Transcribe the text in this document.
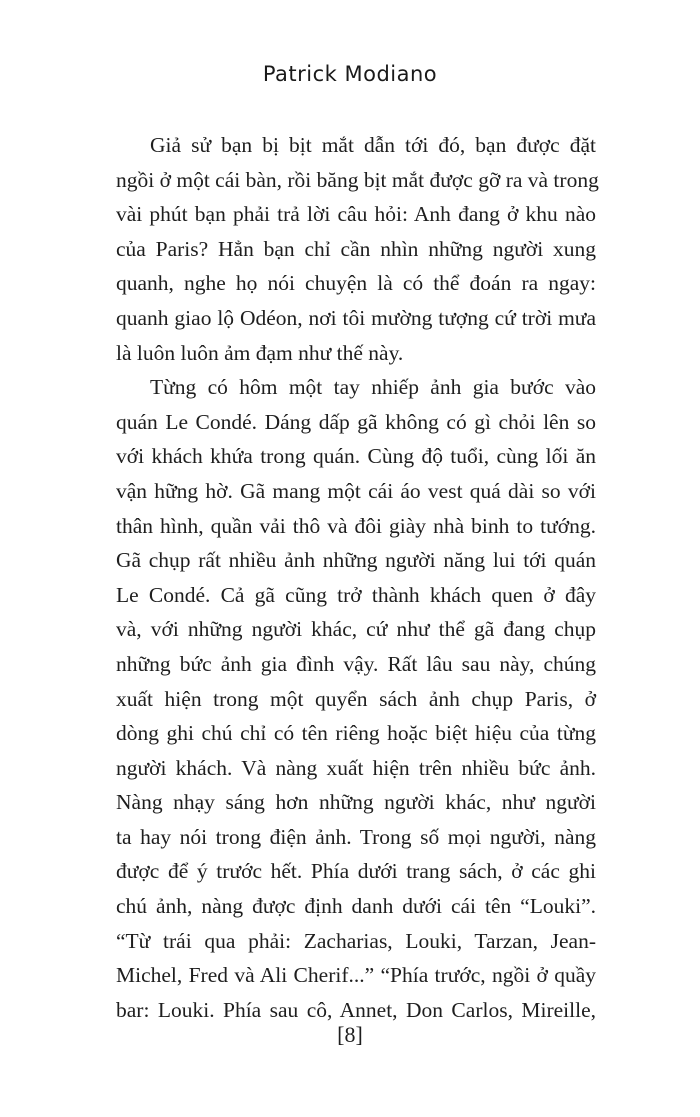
Patrick Modiano
Giả sử bạn bị bịt mắt dẫn tới đó, bạn được đặt
ngồi ở một cái bàn, rồi băng bịt mắt được gỡ ra và trong
vài phút bạn phải trả lời câu hỏi: Anh đang ở khu nào
của Paris? Hẳn bạn chỉ cần nhìn những người xung
quanh, nghe họ nói chuyện là có thể đoán ra ngay:
quanh giao lộ Odéon, nơi tôi mường tượng cứ trời mưa
là luôn luôn ảm đạm như thế này.
Từng có hôm một tay nhiếp ảnh gia bước vào
quán Le Condé. Dáng dấp gã không có gì chỏi lên so
với khách khứa trong quán. Cùng độ tuổi, cùng lối ăn
vận hững hờ. Gã mang một cái áo vest quá dài so với
thân hình, quần vải thô và đôi giày nhà binh to tướng.
Gã chụp rất nhiều ảnh những người năng lui tới quán
Le Condé. Cả gã cũng trở thành khách quen ở đây
và, với những người khác, cứ như thể gã đang chụp
những bức ảnh gia đình vậy. Rất lâu sau này, chúng
xuất hiện trong một quyển sách ảnh chụp Paris, ở
dòng ghi chú chỉ có tên riêng hoặc biệt hiệu của từng
người khách. Và nàng xuất hiện trên nhiều bức ảnh.
Nàng nhạy sáng hơn những người khác, như người
ta hay nói trong điện ảnh. Trong số mọi người, nàng
được để ý trước hết. Phía dưới trang sách, ở các ghi
chú ảnh, nàng được định danh dưới cái tên “Louki”.
“Từ trái qua phải: Zacharias, Louki, Tarzan, Jean-
Michel, Fred và Ali Cherif...” “Phía trước, ngồi ở quầy
bar: Louki. Phía sau cô, Annet, Don Carlos, Mireille,
[8]
